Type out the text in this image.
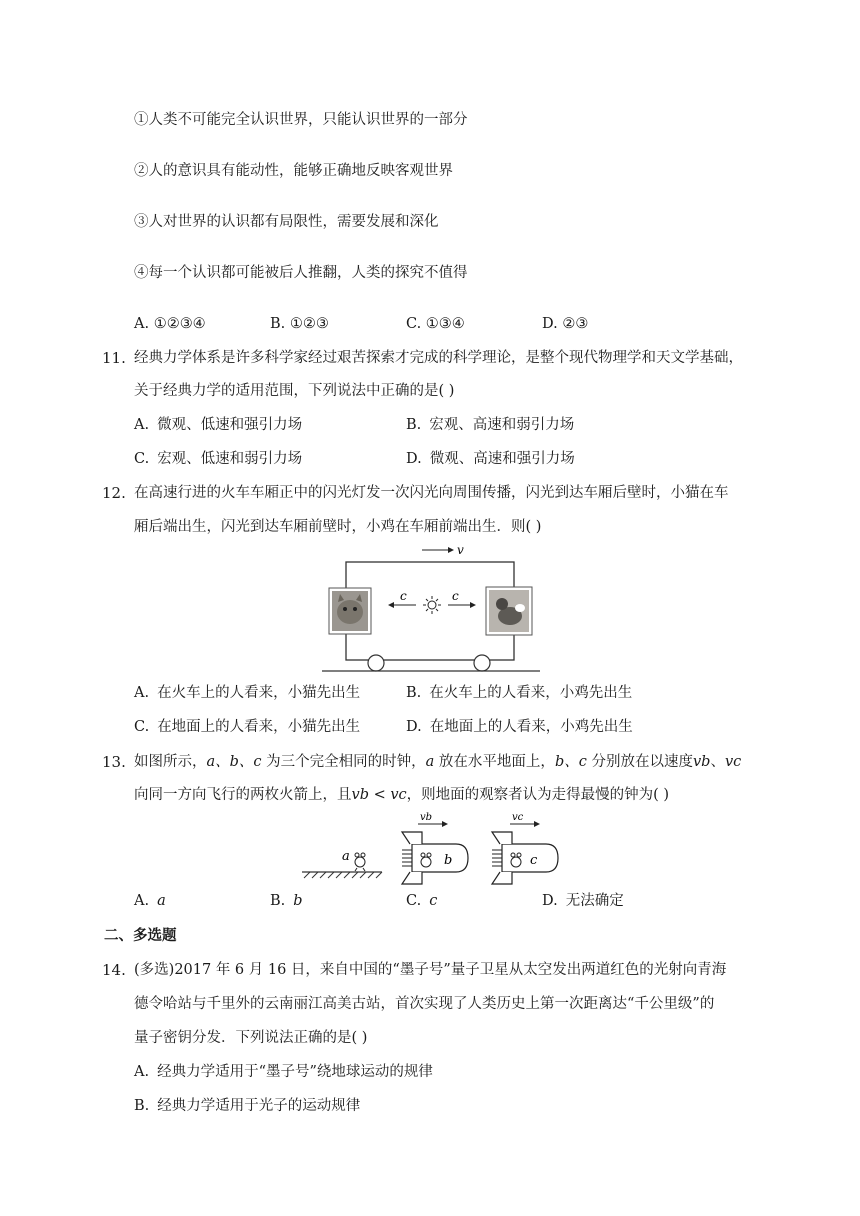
①人类不可能完全认识世界，只能认识世界的一部分
②人的意识具有能动性，能够正确地反映客观世界
③人对世界的认识都有局限性，需要发展和深化
④每一个认识都可能被后人推翻，人类的探究不值得
A. ①②③④	B. ①②③	C. ①③④	D. ②③
11. 经典力学体系是许多科学家经过艰苦探索才完成的科学理论，是整个现代物理学和天文学基础，
关于经典力学的适用范围，下列说法中正确的是( )
A. 微观、低速和强引力场	B. 宏观、高速和弱引力场
C. 宏观、低速和弱引力场	D. 微观、高速和强引力场
12. 在高速行进的火车车厢正中的闪光灯发一次闪光向周围传播，闪光到达车厢后壁时，小猫在车
厢后端出生，闪光到达车厢前壁时，小鸡在车厢前端出生．则( )
v
c	c
A. 在火车上的人看来，小猫先出生	B. 在火车上的人看来，小鸡先出生
C. 在地面上的人看来，小猫先出生	D. 在地面上的人看来，小鸡先出生
13. 如图所示，a、b、c 为三个完全相同的时钟，a 放在水平地面上，b、c 分别放在以速度vb、vc
向同一方向飞行的两枚火箭上，且vb < vc，则地面的观察者认为走得最慢的钟为( )
a	b
vb
c
vc
A. a	B. b	C. c	D. 无法确定
二、多选题
14. (多选)2017 年 6 月 16 日，来自中国的“墨子号”量子卫星从太空发出两道红色的光射向青海
德令哈站与千里外的云南丽江高美古站，首次实现了人类历史上第一次距离达“千公里级”的
量子密钥分发．下列说法正确的是( )
A. 经典力学适用于“墨子号”绕地球运动的规律
B. 经典力学适用于光子的运动规律
